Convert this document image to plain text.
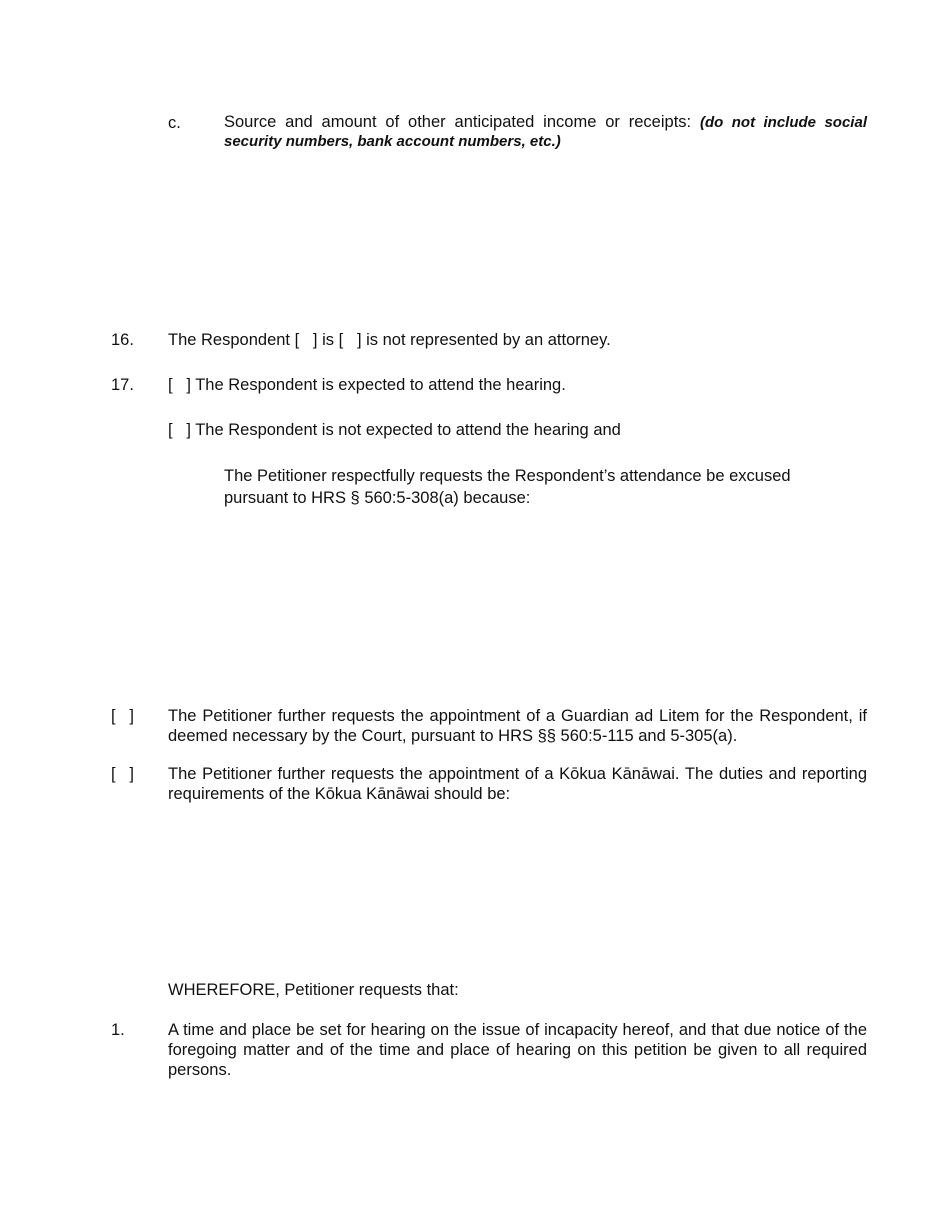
c.	Source and amount of other anticipated income or receipts: (do not include social security numbers, bank account numbers, etc.)
16. The Respondent [   ] is [   ] is not represented by an attorney.
17. [   ] The Respondent is expected to attend the hearing.
[   ] The Respondent is not expected to attend the hearing and
The Petitioner respectfully requests the Respondent’s attendance be excused pursuant to HRS § 560:5-308(a) because:
[   ] The Petitioner further requests the appointment of a Guardian ad Litem for the Respondent, if deemed necessary by the Court, pursuant to HRS §§ 560:5-115 and 5-305(a).
[   ] The Petitioner further requests the appointment of a Kōkua Kānāwai. The duties and reporting requirements of the Kōkua Kānāwai should be:
WHEREFORE, Petitioner requests that:
1.	A time and place be set for hearing on the issue of incapacity hereof, and that due notice of the foregoing matter and of the time and place of hearing on this petition be given to all required persons.
